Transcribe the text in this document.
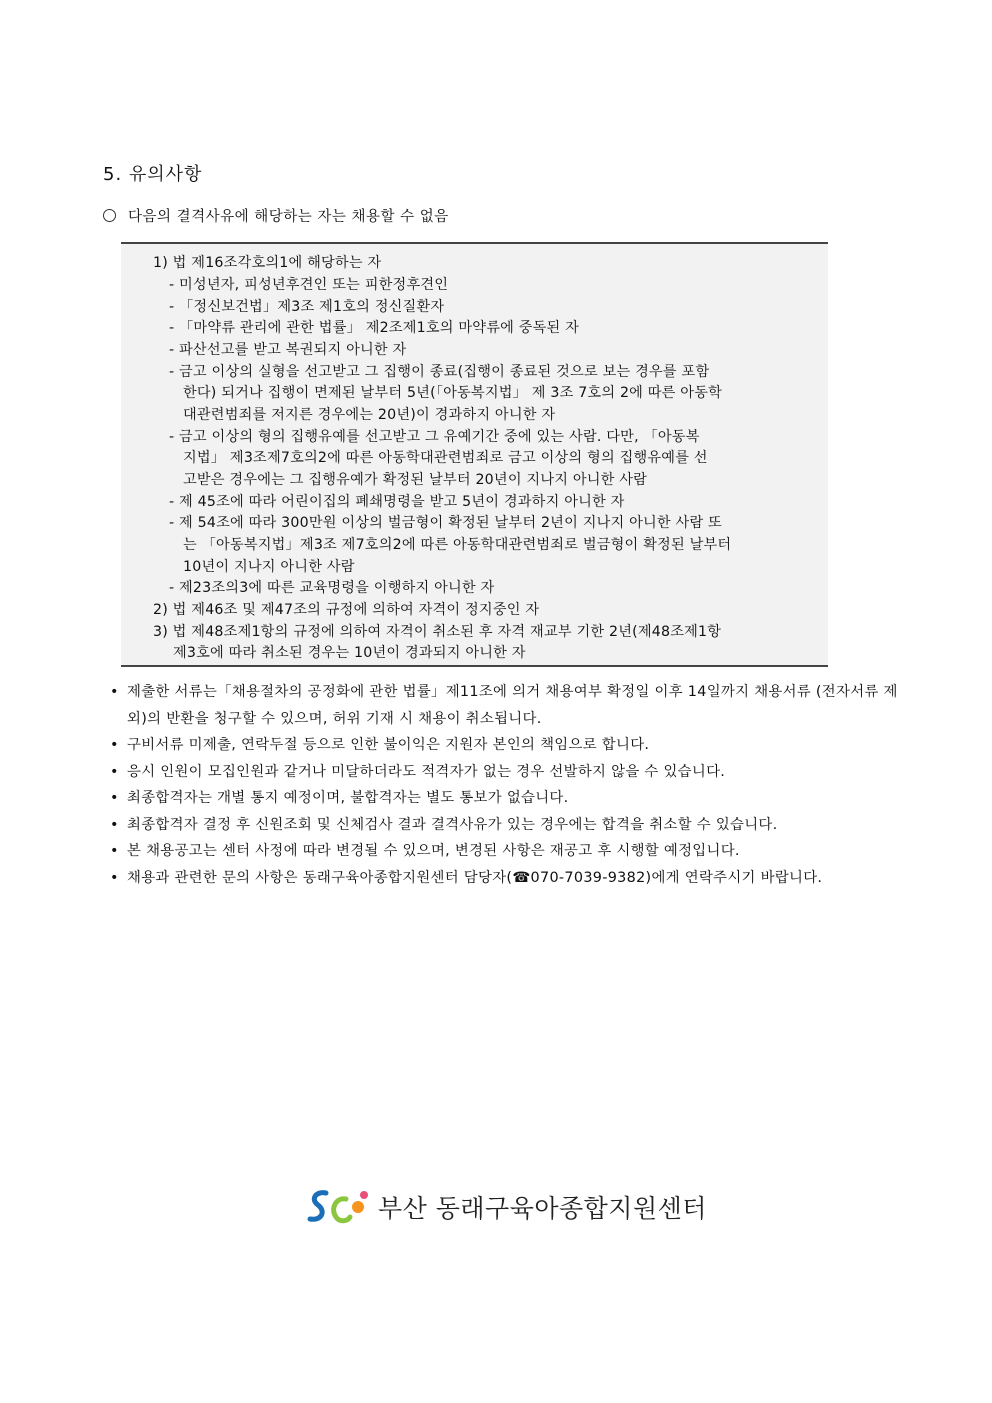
5. 유의사항
다음의 결격사유에 해당하는 자는 채용할 수 없음
1) 법 제16조각호의1에 해당하는 자
- 미성년자, 피성년후견인 또는 피한정후견인
- 「정신보건법」제3조 제1호의 정신질환자
- 「마약류 관리에 관한 법률」 제2조제1호의 마약류에 중독된 자
- 파산선고를 받고 복권되지 아니한 자
- 금고 이상의 실형을 선고받고 그 집행이 종료(집행이 종료된 것으로 보는 경우를 포함
한다) 되거나 집행이 면제된 날부터 5년(「아동복지법」 제 3조 7호의 2에 따른 아동학
대관련범죄를 저지른 경우에는 20년)이 경과하지 아니한 자
- 금고 이상의 형의 집행유예를 선고받고 그 유예기간 중에 있는 사람. 다만, 「아동복
지법」 제3조제7호의2에 따른 아동학대관련범죄로 금고 이상의 형의 집행유예를 선
고받은 경우에는 그 집행유예가 확정된 날부터 20년이 지나지 아니한 사람
- 제 45조에 따라 어린이집의 폐쇄명령을 받고 5년이 경과하지 아니한 자
- 제 54조에 따라 300만원 이상의 벌금형이 확정된 날부터 2년이 지나지 아니한 사람 또
는 「아동복지법」제3조 제7호의2에 따른 아동학대관련범죄로 벌금형이 확정된 날부터
10년이 지나지 아니한 사람
- 제23조의3에 따른 교육명령을 이행하지 아니한 자
2) 법 제46조 및 제47조의 규정에 의하여 자격이 정지중인 자
3) 법 제48조제1항의 규정에 의하여 자격이 취소된 후 자격 재교부 기한 2년(제48조제1항
제3호에 따라 취소된 경우는 10년이 경과되지 아니한 자
• 제출한 서류는「채용절차의 공정화에 관한 법률」제11조에 의거 채용여부 확정일 이후 14일까지 채용서류 (전자서류 제외)의 반환을 청구할 수 있으며, 허위 기재 시 채용이 취소됩니다.
• 구비서류 미제출, 연락두절 등으로 인한 불이익은 지원자 본인의 책임으로 합니다.
• 응시 인원이 모집인원과 같거나 미달하더라도 적격자가 없는 경우 선발하지 않을 수 있습니다.
• 최종합격자는 개별 통지 예정이며, 불합격자는 별도 통보가 없습니다.
• 최종합격자 결정 후 신원조회 및 신체검사 결과 결격사유가 있는 경우에는 합격을 취소할 수 있습니다.
• 본 채용공고는 센터 사정에 따라 변경될 수 있으며, 변경된 사항은 재공고 후 시행할 예정입니다.
• 채용과 관련한 문의 사항은 동래구육아종합지원센터 담당자(☎070-7039-9382)에게 연락주시기 바랍니다.
부산 동래구육아종합지원센터
